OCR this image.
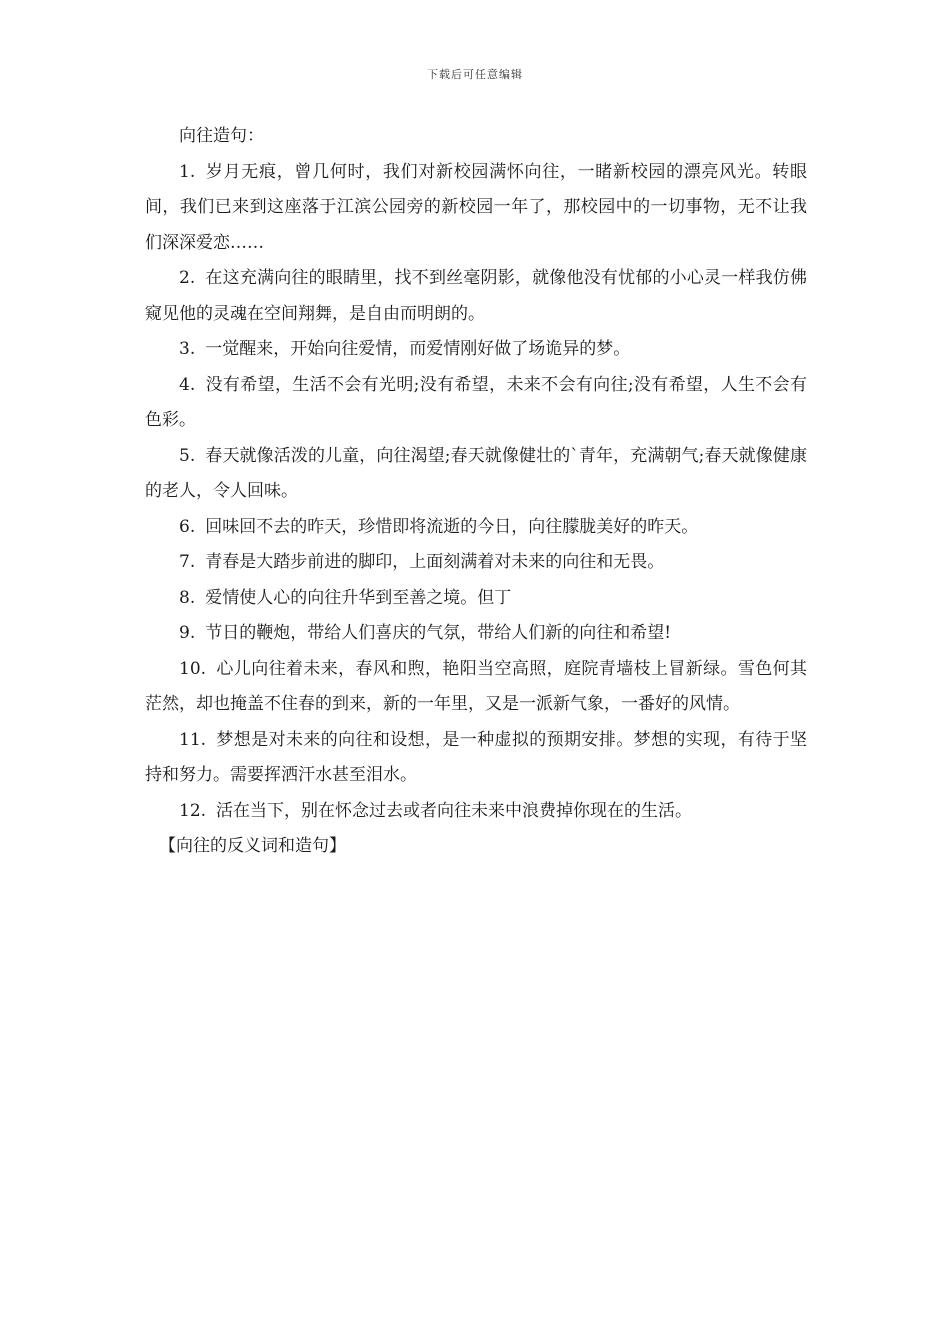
下载后可任意编辑

向往造句：

1. 岁月无痕，曾几何时，我们对新校园满怀向往，一睹新校园的漂亮风光。转眼间，我们已来到这座落于江滨公园旁的新校园一年了，那校园中的一切事物，无不让我们深深爱恋……

2. 在这充满向往的眼睛里，找不到丝毫阴影，就像他没有忧郁的小心灵一样我仿佛窥见他的灵魂在空间翔舞，是自由而明朗的。

3. 一觉醒来，开始向往爱情，而爱情刚好做了场诡异的梦。

4. 没有希望，生活不会有光明;没有希望，未来不会有向往;没有希望，人生不会有色彩。

5. 春天就像活泼的儿童，向往渴望;春天就像健壮的`青年，充满朝气;春天就像健康的老人，令人回味。

6. 回味回不去的昨天，珍惜即将流逝的今日，向往朦胧美好的昨天。

7. 青春是大踏步前进的脚印，上面刻满着对未来的向往和无畏。

8. 爱情使人心的向往升华到至善之境。但丁

9. 节日的鞭炮，带给人们喜庆的气氛，带给人们新的向往和希望!

10. 心儿向往着未来，春风和煦，艳阳当空高照，庭院青墙枝上冒新绿。雪色何其茫然，却也掩盖不住春的到来，新的一年里，又是一派新气象，一番好的风情。

11. 梦想是对未来的向往和设想，是一种虚拟的预期安排。梦想的实现，有待于坚持和努力。需要挥洒汗水甚至泪水。

12. 活在当下，别在怀念过去或者向往未来中浪费掉你现在的生活。

【向往的反义词和造句】
